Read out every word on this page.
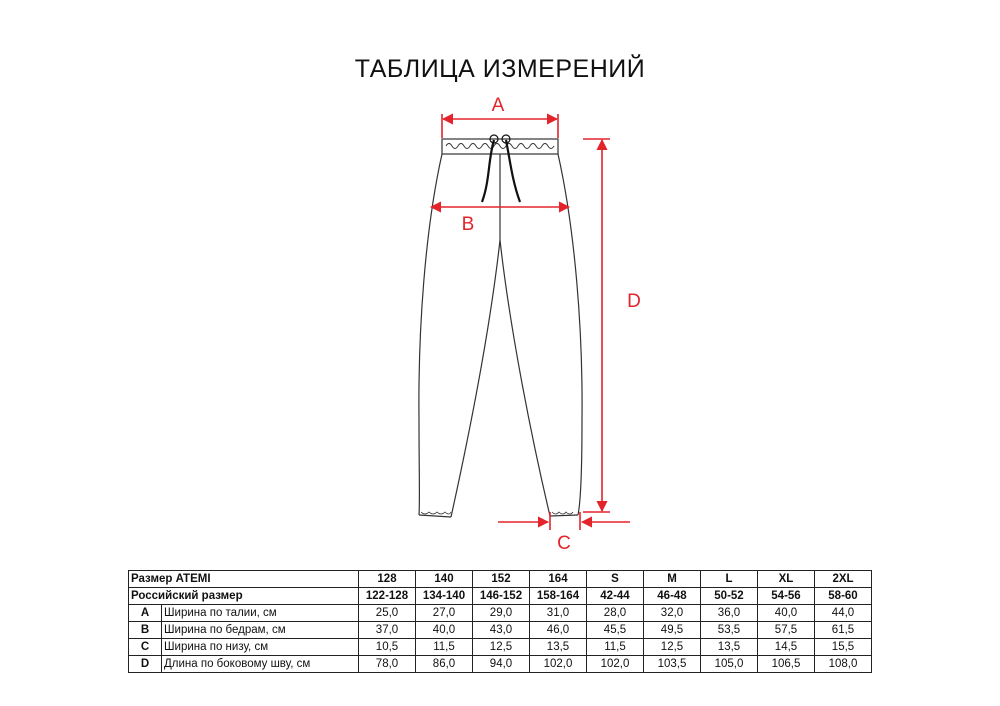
ТАБЛИЦА ИЗМЕРЕНИЙ
A
B
D
C
Размер ATEMI		128	140	152	164	S	M	L	XL	2XL
Российский размер		122-128	134-140	146-152	158-164	42-44	46-48	50-52	54-56	58-60
A	Ширина по талии, см	25,0	27,0	29,0	31,0	28,0	32,0	36,0	40,0	44,0
B	Ширина по бедрам, см	37,0	40,0	43,0	46,0	45,5	49,5	53,5	57,5	61,5
C	Ширина по низу, см	10,5	11,5	12,5	13,5	11,5	12,5	13,5	14,5	15,5
D	Длина по боковому шву, см	78,0	86,0	94,0	102,0	102,0	103,5	105,0	106,5	108,0
